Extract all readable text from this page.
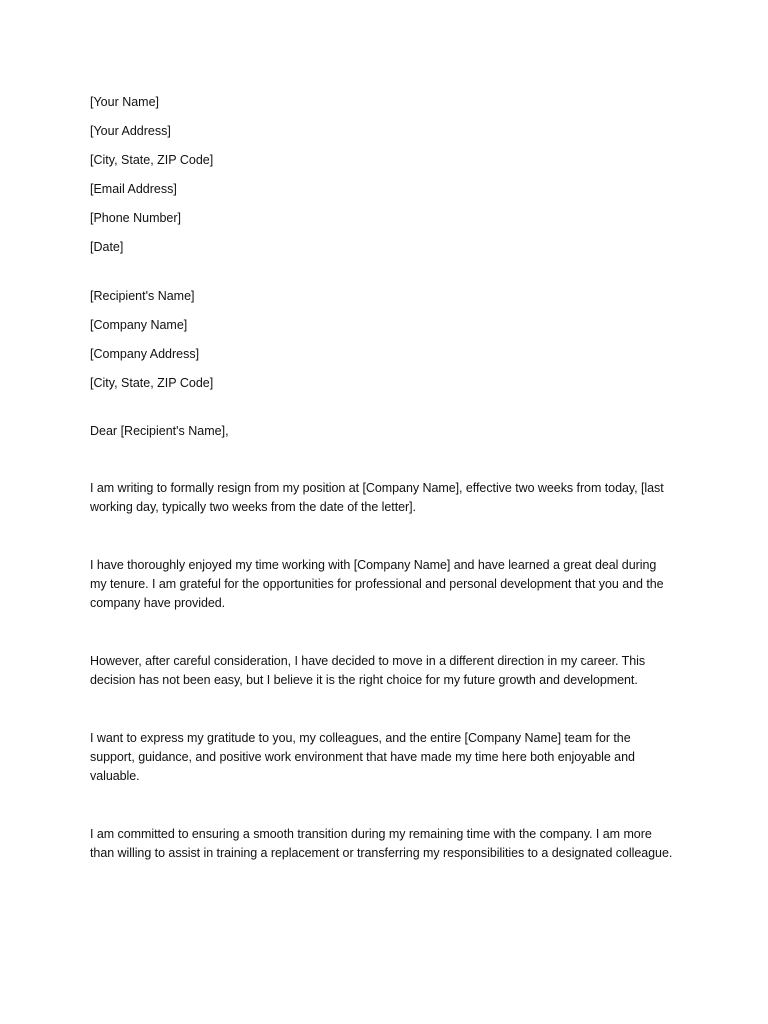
[Your Name]

[Your Address]

[City, State, ZIP Code]

[Email Address]

[Phone Number]

[Date]

[Recipient's Name]

[Company Name]

[Company Address]

[City, State, ZIP Code]

Dear [Recipient's Name],

I am writing to formally resign from my position at [Company Name], effective two weeks from today, [last working day, typically two weeks from the date of the letter].

I have thoroughly enjoyed my time working with [Company Name] and have learned a great deal during my tenure. I am grateful for the opportunities for professional and personal development that you and the company have provided.

However, after careful consideration, I have decided to move in a different direction in my career. This decision has not been easy, but I believe it is the right choice for my future growth and development.

I want to express my gratitude to you, my colleagues, and the entire [Company Name] team for the support, guidance, and positive work environment that have made my time here both enjoyable and valuable.

I am committed to ensuring a smooth transition during my remaining time with the company. I am more than willing to assist in training a replacement or transferring my responsibilities to a designated colleague.
